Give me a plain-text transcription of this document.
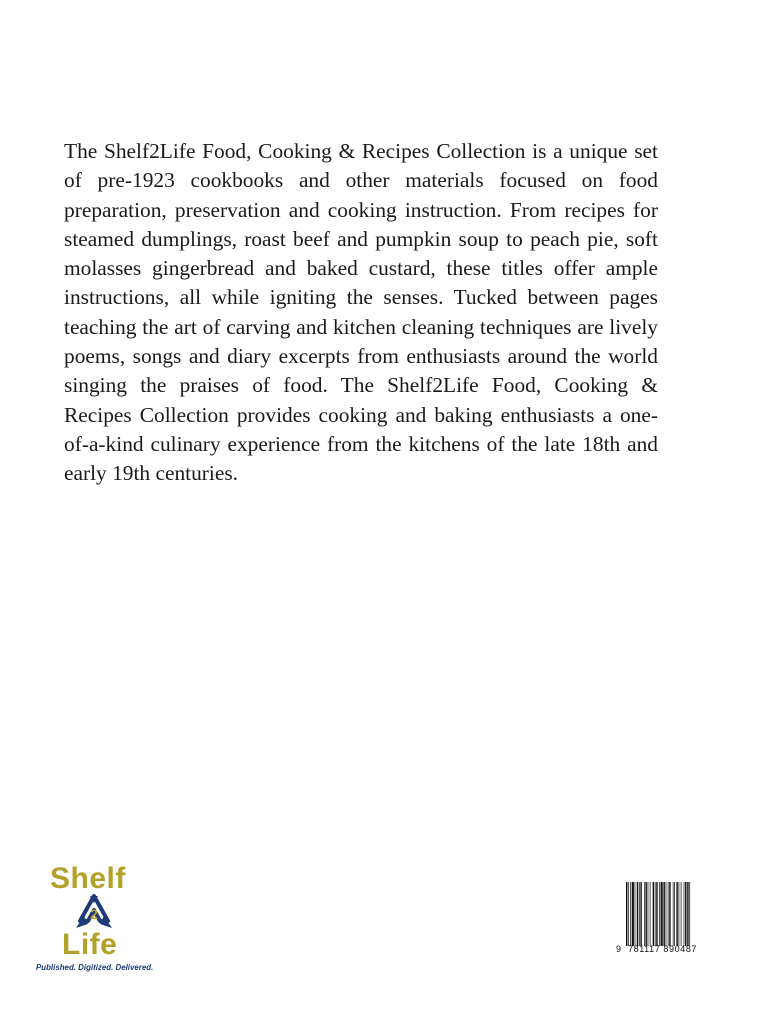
The Shelf2Life Food, Cooking & Recipes Collection is a unique set of pre-1923 cookbooks and other materials focused on food preparation, preservation and cooking instruction. From recipes for steamed dumplings, roast beef and pumpkin soup to peach pie, soft molasses gingerbread and baked custard, these titles offer ample instructions, all while igniting the senses. Tucked between pages teaching the art of carving and kitchen cleaning techniques are lively poems, songs and diary excerpts from enthusiasts around the world singing the praises of food. The Shelf2Life Food, Cooking & Recipes Collection provides cooking and baking enthusiasts a one-of-a-kind culinary experience from the kitchens of the late 18th and early 19th centuries.

Shelf
2
Life
Published. Digitized. Delivered.
9 781117 890487
